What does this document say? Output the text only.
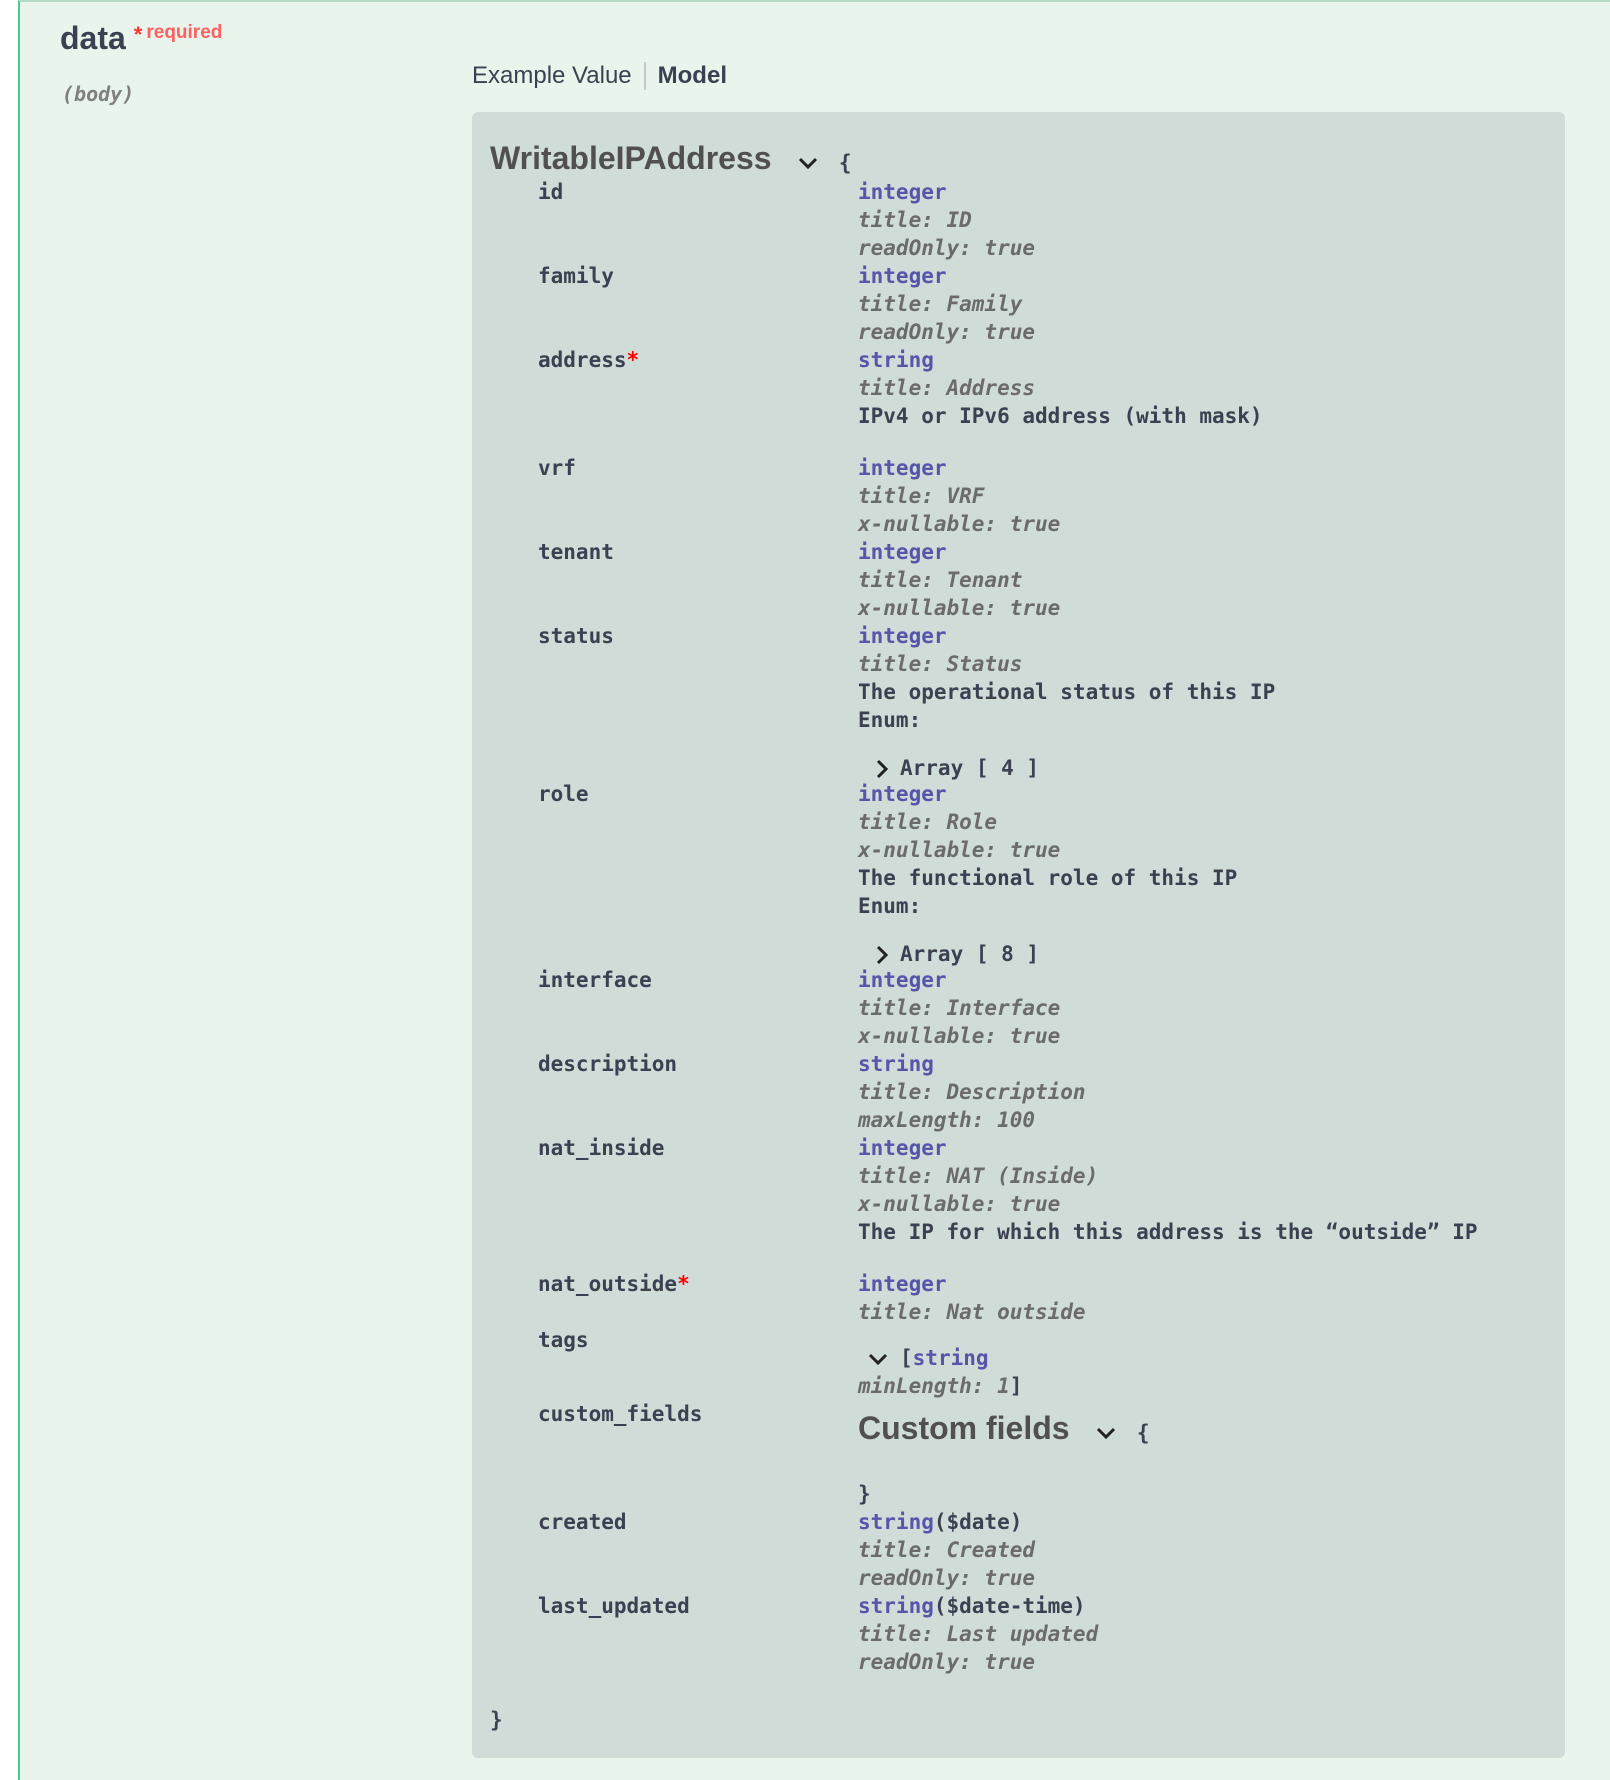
data * $^{required}$
(body)
Example Value Model
WritableIPAddress	{
id	integer
title: ID
readOnly: true
family	integer
title: Family
readOnly: true
address*	string
title: Address
IPv4 or IPv6 address (with mask)
vrf	integer
title: VRF
x-nullable: true
tenant	integer
title: Tenant
x-nullable: true
status	integer
title: Status
The operational status of this IP
Enum:
Array [ 4 ]
role	integer
title: Role
x-nullable: true
The functional role of this IP
Enum:
Array [ 8 ]
interface	integer
title: Interface
x-nullable: true
description	string
title: Description
maxLength: 100
nat_inside	integer
title: NAT (Inside)
x-nullable: true
The IP for which this address is the “outside” IP
nat_outside*	integer
title: Nat outside
tags
[string
minLength: 1]
custom_fields	Custom fields	{
}
created	string($date)
title: Created
readOnly: true
last_updated	string($date-time)
title: Last updated
readOnly: true
}
